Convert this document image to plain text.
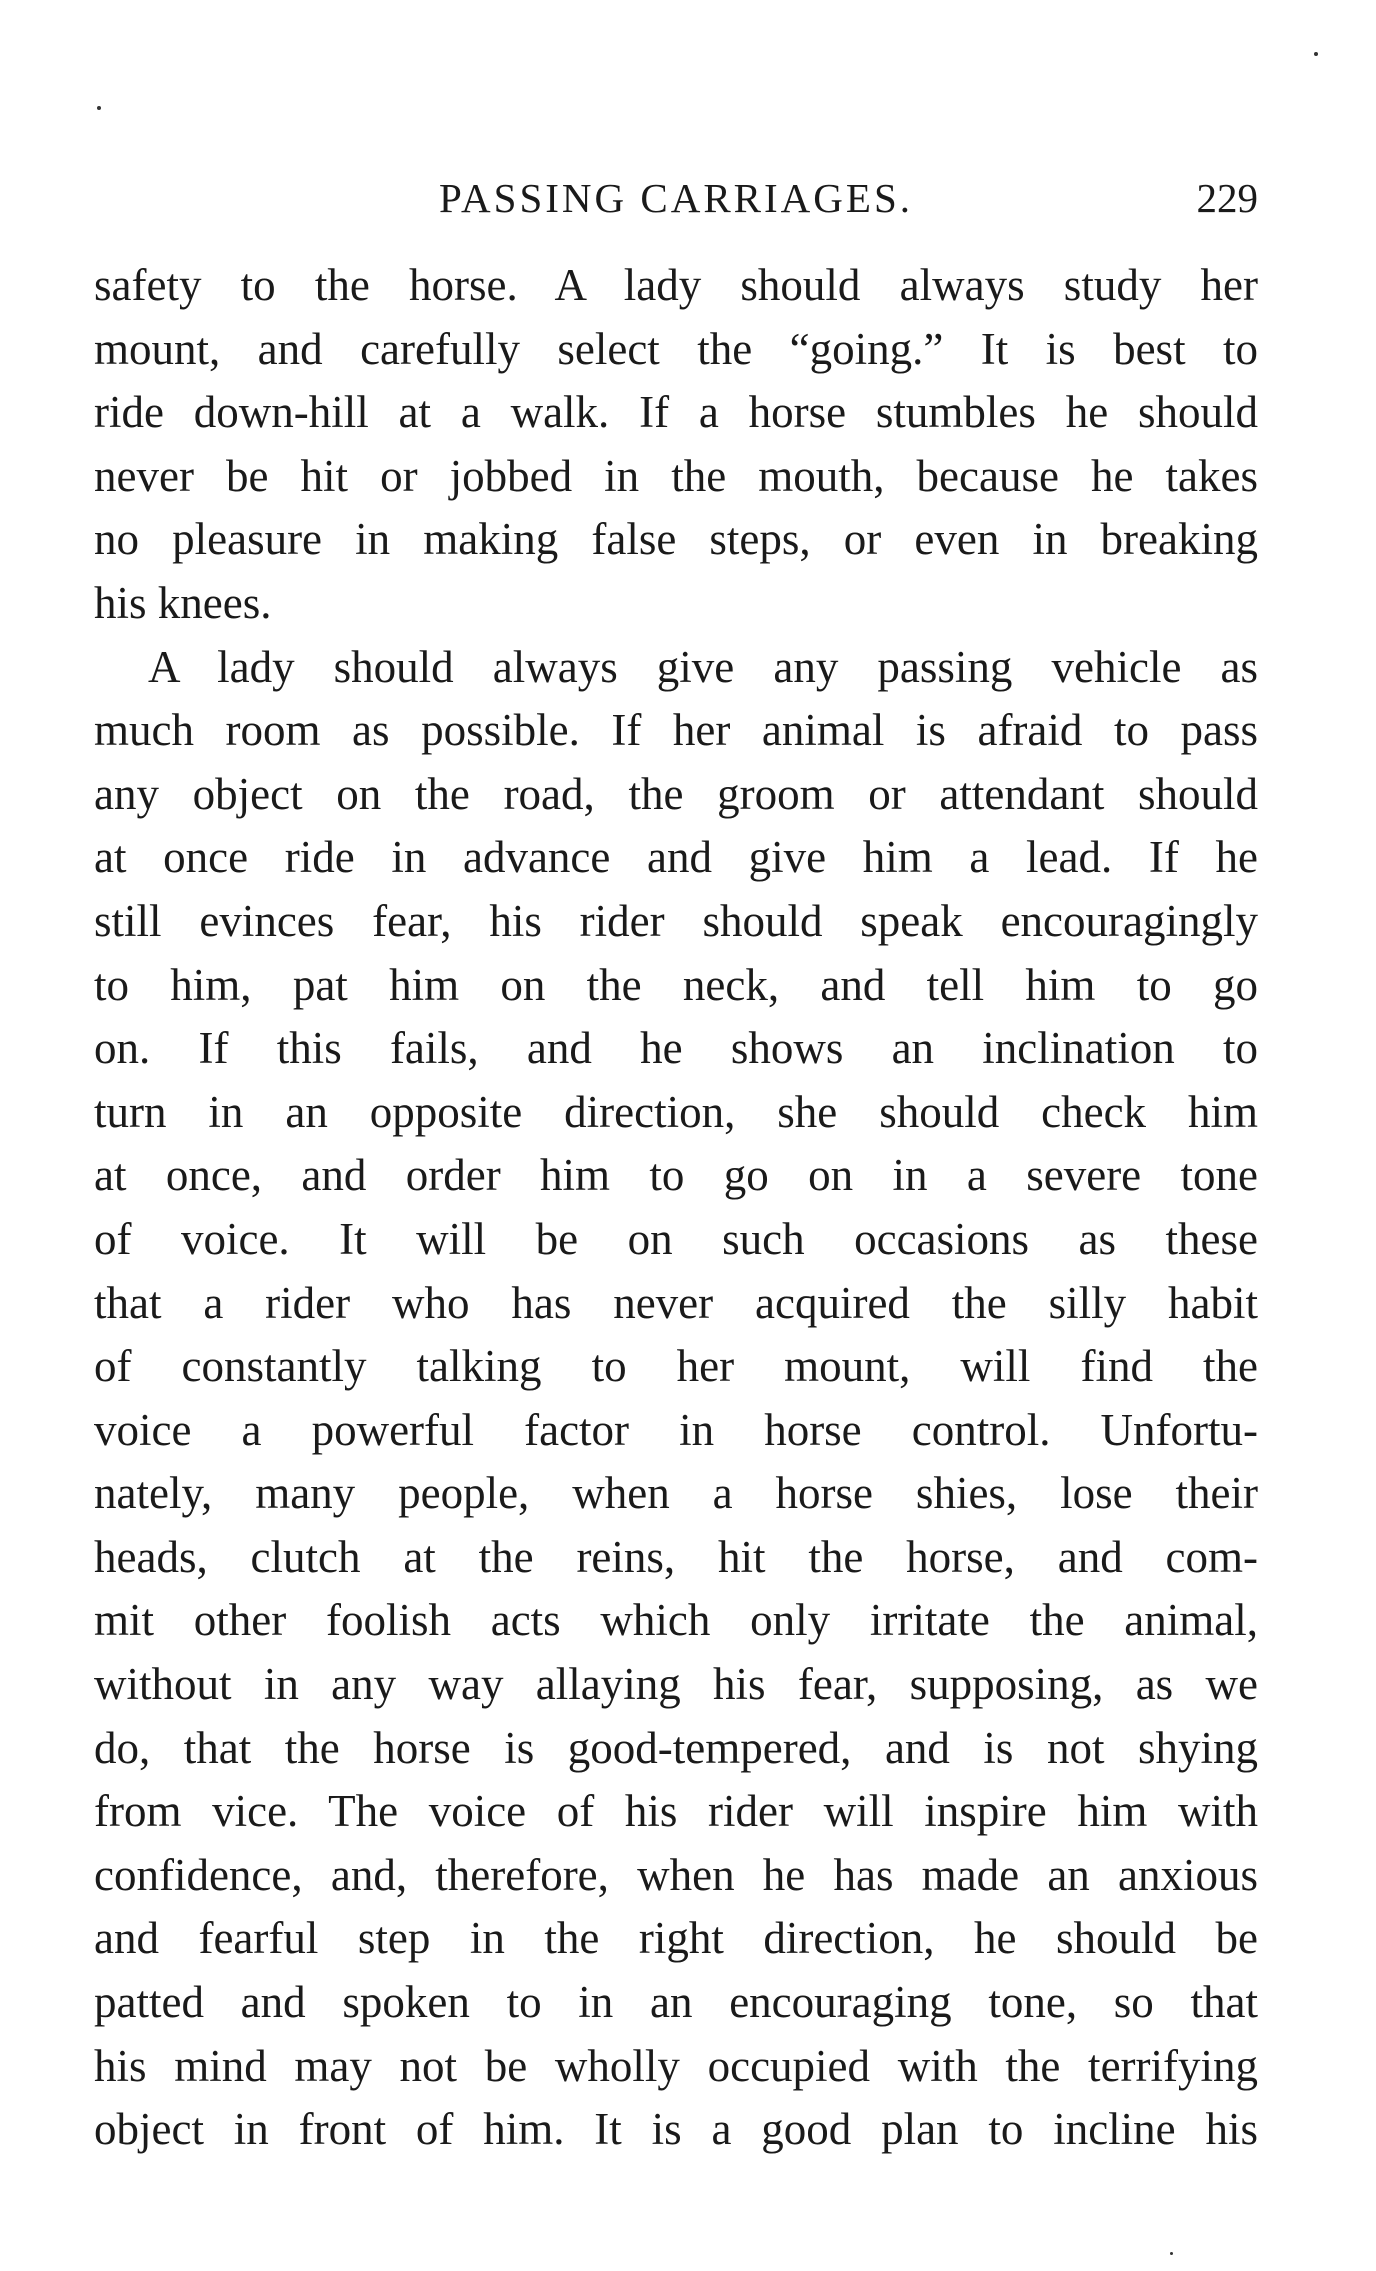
PASSING CARRIAGES.	229
safety to the horse. A lady should always study her
mount, and carefully select the “going.” It is best to
ride down-hill at a walk. If a horse stumbles he should
never be hit or jobbed in the mouth, because he takes
no pleasure in making false steps, or even in breaking
his knees.
A lady should always give any passing vehicle as
much room as possible. If her animal is afraid to pass
any object on the road, the groom or attendant should
at once ride in advance and give him a lead. If he
still evinces fear, his rider should speak encouragingly
to him, pat him on the neck, and tell him to go
on. If this fails, and he shows an inclination to
turn in an opposite direction, she should check him
at once, and order him to go on in a severe tone
of voice. It will be on such occasions as these
that a rider who has never acquired the silly habit
of constantly talking to her mount, will find the
voice a powerful factor in horse control. Unfortu-
nately, many people, when a horse shies, lose their
heads, clutch at the reins, hit the horse, and com-
mit other foolish acts which only irritate the animal,
without in any way allaying his fear, supposing, as we
do, that the horse is good-tempered, and is not shying
from vice. The voice of his rider will inspire him with
confidence, and, therefore, when he has made an anxious
and fearful step in the right direction, he should be
patted and spoken to in an encouraging tone, so that
his mind may not be wholly occupied with the terrifying
object in front of him. It is a good plan to incline his
